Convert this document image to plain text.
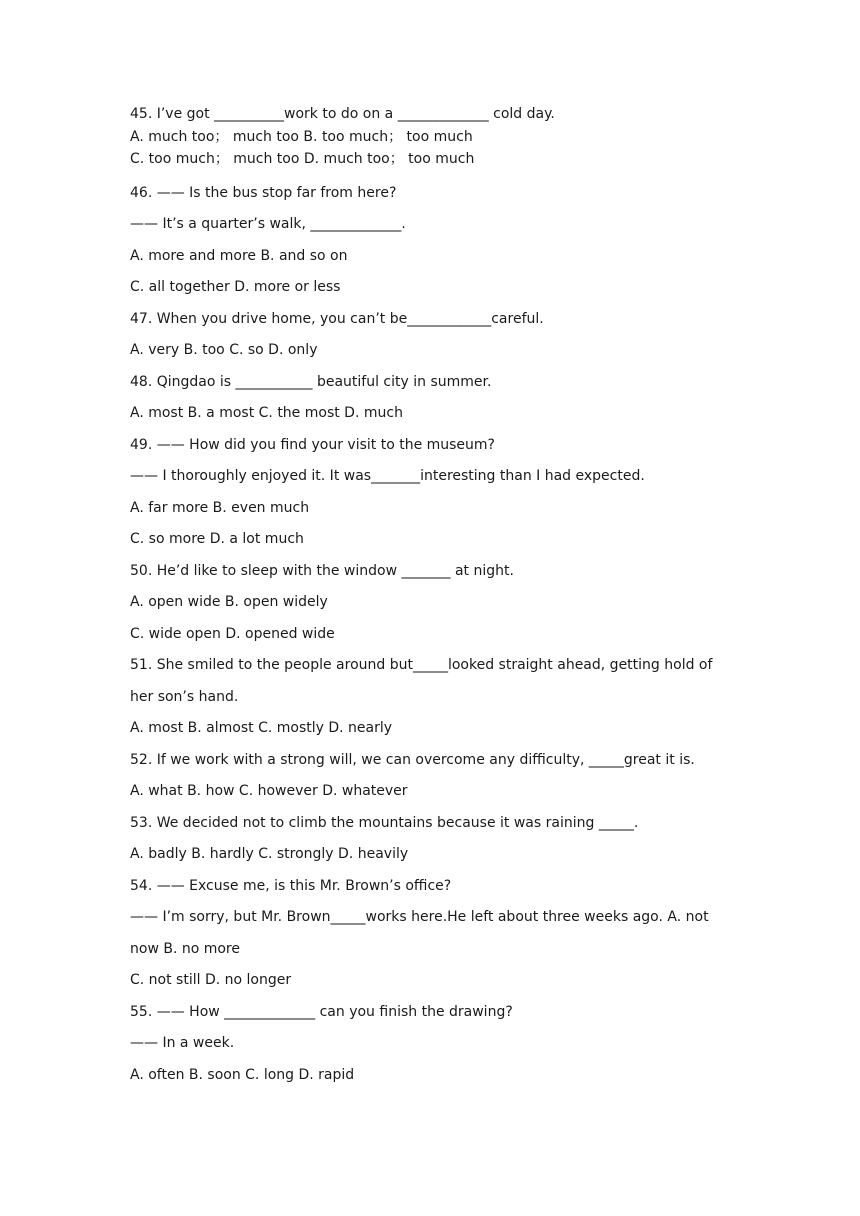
45. I’ve got __________work to do on a _____________ cold day.
A. much too； much too B. too much； too much
C. too much； much too D. much too； too much
46. —— Is the bus stop far from here?
—— It’s a quarter’s walk, _____________.
A. more and more B. and so on
C. all together D. more or less
47. When you drive home, you can’t be____________careful.
A. very B. too C. so D. only
48. Qingdao is ___________ beautiful city in summer.
A. most B. a most C. the most D. much
49. —— How did you find your visit to the museum?
—— I thoroughly enjoyed it. It was_______interesting than I had expected.
A. far more B. even much
C. so more D. a lot much
50. He’d like to sleep with the window _______ at night.
A. open wide B. open widely
C. wide open D. opened wide
51. She smiled to the people around but_____looked straight ahead, getting hold of
her son’s hand.
A. most B. almost C. mostly D. nearly
52. If we work with a strong will, we can overcome any difficulty, _____great it is.
A. what B. how C. however D. whatever
53. We decided not to climb the mountains because it was raining _____.
A. badly B. hardly C. strongly D. heavily
54. —— Excuse me, is this Mr. Brown’s office?
—— I’m sorry, but Mr. Brown_____works here.He left about three weeks ago. A. not
now B. no more
C. not still D. no longer
55. —— How _____________ can you finish the drawing?
—— In a week.
A. often B. soon C. long D. rapid
